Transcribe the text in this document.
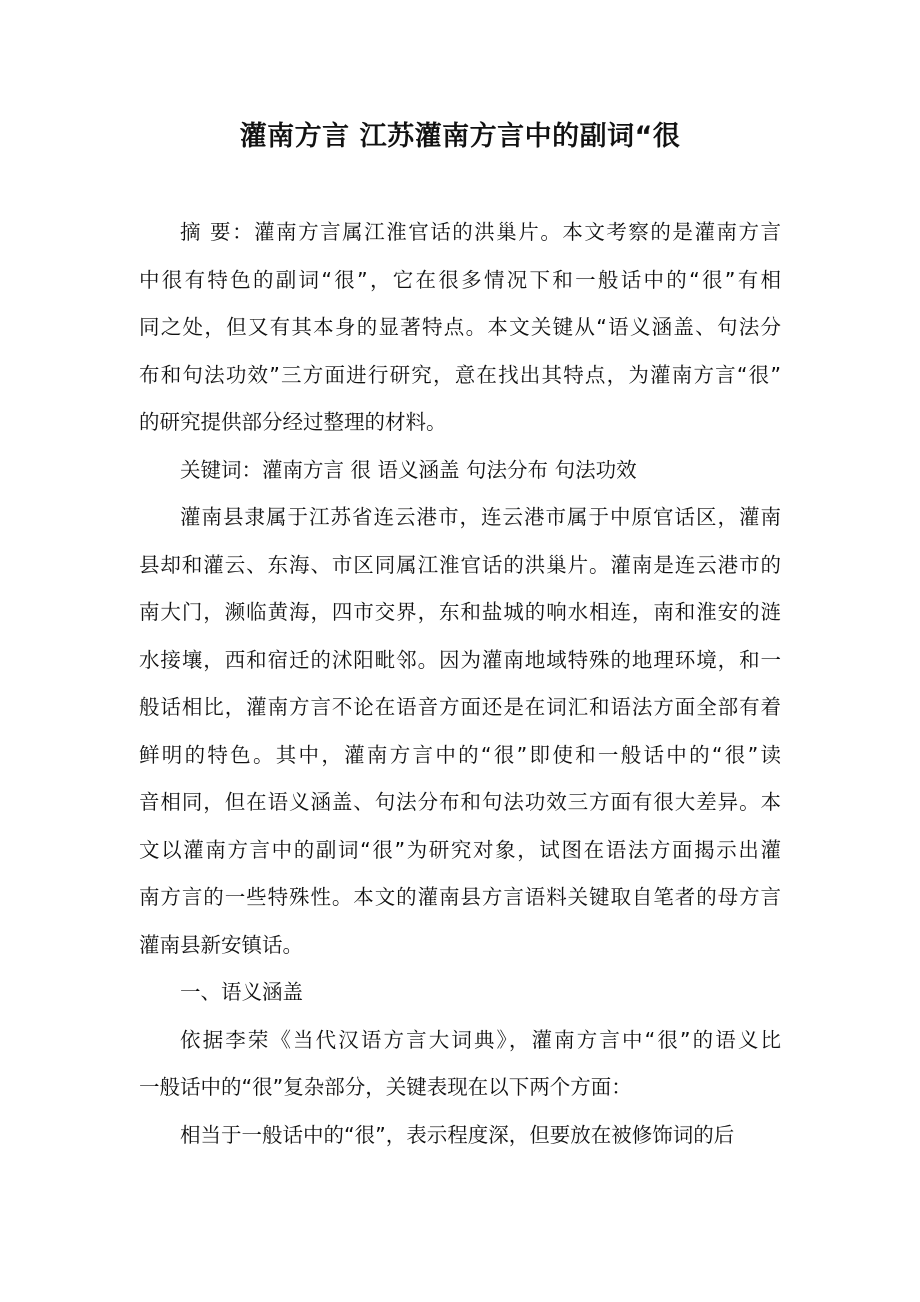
灌南方言 江苏灌南方言中的副词“很
摘 要：灌南方言属江淮官话的洪巢片。本文考察的是灌南方言
中很有特色的副词“很”，它在很多情况下和一般话中的“很”有相
同之处，但又有其本身的显著特点。本文关键从“语义涵盖、句法分
布和句法功效”三方面进行研究，意在找出其特点，为灌南方言“很”
的研究提供部分经过整理的材料。
关键词：灌南方言 很 语义涵盖 句法分布 句法功效
灌南县隶属于江苏省连云港市，连云港市属于中原官话区，灌南
县却和灌云、东海、市区同属江淮官话的洪巢片。灌南是连云港市的
南大门，濒临黄海，四市交界，东和盐城的响水相连，南和淮安的涟
水接壤，西和宿迁的沭阳毗邻。因为灌南地域特殊的地理环境，和一
般话相比，灌南方言不论在语音方面还是在词汇和语法方面全部有着
鲜明的特色。其中，灌南方言中的“很”即使和一般话中的“很”读
音相同，但在语义涵盖、句法分布和句法功效三方面有很大差异。本
文以灌南方言中的副词“很”为研究对象，试图在语法方面揭示出灌
南方言的一些特殊性。本文的灌南县方言语料关键取自笔者的母方言
灌南县新安镇话。
一、语义涵盖
依据李荣《当代汉语方言大词典》，灌南方言中“很”的语义比
一般话中的“很”复杂部分，关键表现在以下两个方面：
相当于一般话中的“很”，表示程度深，但要放在被修饰词的后
